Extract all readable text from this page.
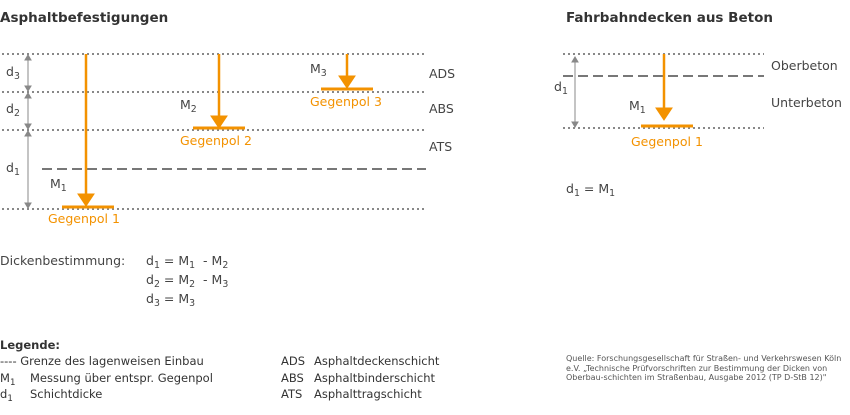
Asphaltbefestigungen
$d_3$
$d_2$
$d_1$
$M_3$
$M_2$
$M_1$
Gegenpol 3
Gegenpol 2
Gegenpol 1
ADS
ABS
ATS
Dickenbestimmung: $d_1 = M_1 - M_2$
$d_2 = M_2 - M_3$
$d_3 = M_3$
Legende:
---- Grenze des lagenweisen Einbau
$M_1$ Messung über entspr. Gegenpol
$d_1$ Schichtdicke
ADS Asphaltdeckenschicht
ABS Asphaltbinderschicht
ATS Asphalttragschicht
Fahrbahndecken aus Beton
Oberbeton
Unterbeton
$d_1$
$M_1$
Gegenpol 1
$d_1 = M_1$
Quelle: Forschungsgesellschaft für Straßen- und Verkehrswesen Köln e.V. „Technische Prüfvorschriften zur Bestimmung der Dicken von Oberbau-schichten im Straßenbau, Ausgabe 2012 (TP D-StB 12)"
